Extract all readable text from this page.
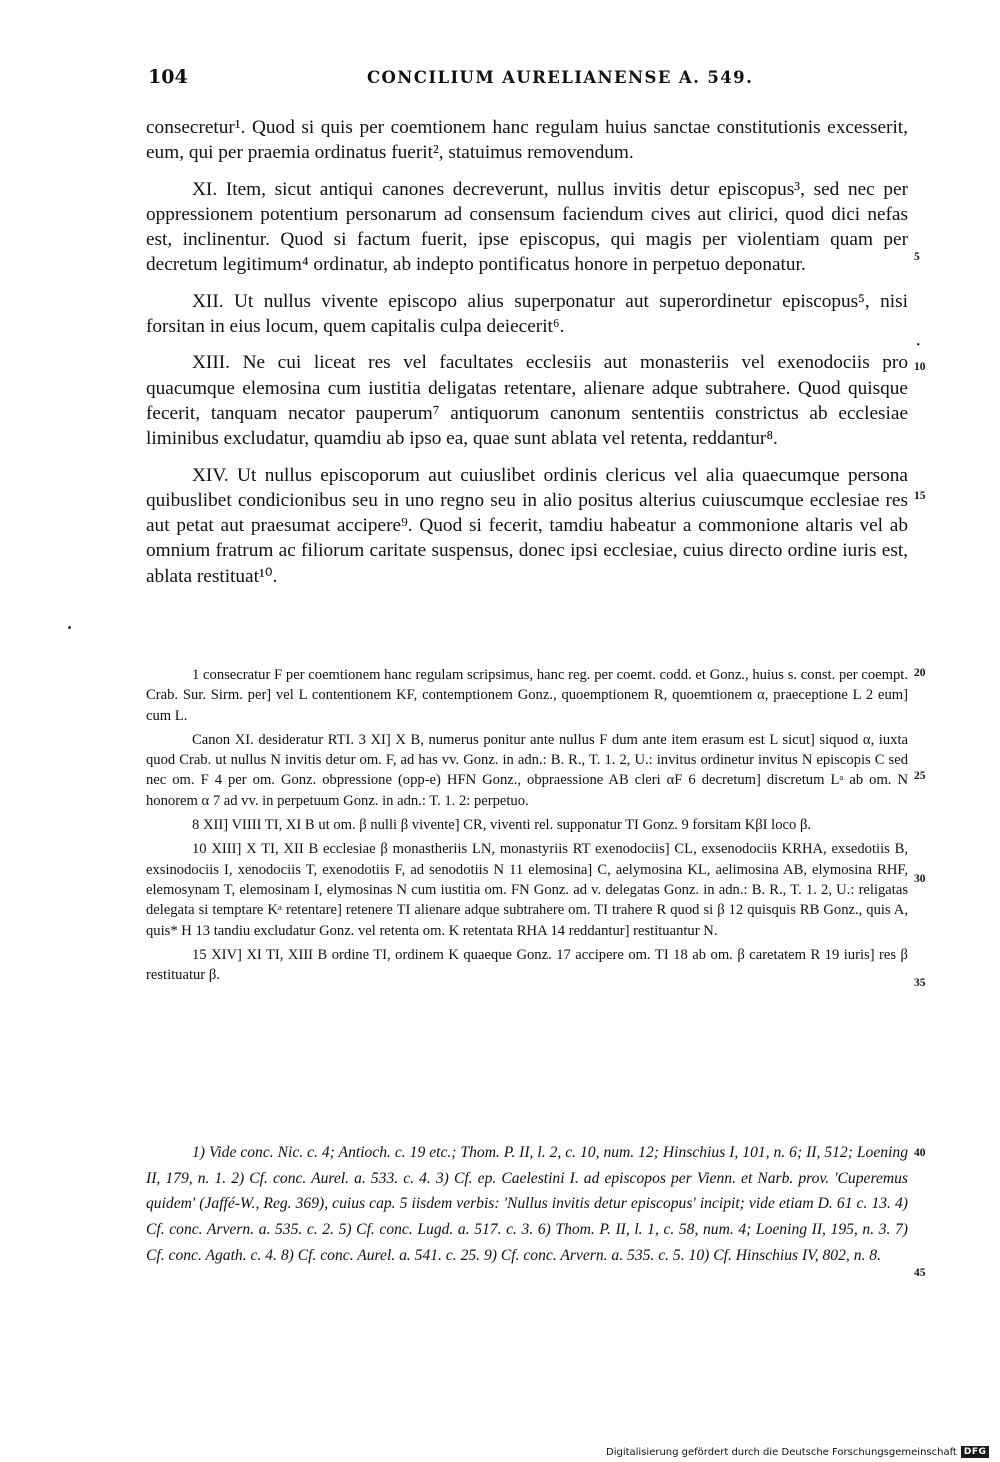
104	CONCILIUM AURELIANENSE A. 549.

consecretur¹. Quod si quis per coemtionem hanc regulam huius sanctae constitutionis excesserit, eum, qui per praemia ordinatus fuerit², statuimus removendum.

XI. Item, sicut antiqui canones decreverunt, nullus invitis detur episcopus³, sed nec per oppressionem potentium personarum ad consensum faciendum cives aut clirici, quod dici nefas est, inclinentur. Quod si factum fuerit, ipse episcopus, qui magis per violentiam quam per decretum legitimum⁴ ordinatur, ab indepto pontificatus honore in perpetuo deponatur.

XII. Ut nullus vivente episcopo alius superponatur aut superordinetur episcopus⁵, nisi forsitan in eius locum, quem capitalis culpa deiecerit⁶.

XIII. Ne cui liceat res vel facultates ecclesiis aut monasteriis vel exenodociis pro quacumque elemosina cum iustitia deligatas retentare, alienare adque subtrahere. Quod quisque fecerit, tanquam necator pauperum⁷ antiquorum canonum sententiis constrictus ab ecclesiae liminibus excludatur, quamdiu ab ipso ea, quae sunt ablata vel retenta, reddantur⁸.

XIV. Ut nullus episcoporum aut cuiuslibet ordinis clericus vel alia quaecumque persona quibuslibet condicionibus seu in uno regno seu in alio positus alterius cuiuscumque ecclesiae res aut petat aut praesumat accipere⁹. Quod si fecerit, tamdiu habeatur a commonione altaris vel ab omnium fratrum ac filiorum caritate suspensus, donec ipsi ecclesiae, cuius directo ordine iuris est, ablata restituat¹⁰.

5
·
10
15

1 consecratur F per coemtionem hanc regulam scripsimus, hanc reg. per coemt. codd. et Gonz., huius s. const. per coempt. Crab. Sur. Sirm. per] vel L contentionem KF, contemptionem Gonz., quoemptionem R, quoemtionem α, praeceptione L 2 eum] cum L.

Canon XI. desideratur RTI. 3 XI] X B, numerus ponitur ante nullus F dum ante item erasum est L sicut] siquod α, iuxta quod Crab. ut nullus N invitis detur om. F, ad has vv. Gonz. in adn.: B. R., T. 1. 2, U.: invitus ordinetur invitus N episcopis C sed nec om. F 4 per om. Gonz. obpressione (opp-e) HFN Gonz., obpraessione AB cleri αF 6 decretum] discretum Lᵃ ab om. N honorem α 7 ad vv. in perpetuum Gonz. in adn.: T. 1. 2: perpetuo.

8 XII] VIIII TI, XI B ut om. β nulli β vivente] CR, viventi rel. supponatur TI Gonz. 9 forsitam KβI loco β.

10 XIII] X TI, XII B ecclesiae β monastheriis LN, monastyriis RT exenodociis] CL, exsenodociis KRHA, exsedotiis B, exsinodociis I, xenodociis T, exenodotiis F, ad senodotiis N 11 elemosina] C, aelymosina KL, aelimosina AB, elymosina RHF, elemosynam T, elemosinam I, elymosinas N cum iustitia om. FN Gonz. ad v. delegatas Gonz. in adn.: B. R., T. 1. 2, U.: religatas delegata si temptare Kᵃ retentare] retenere TI alienare adque subtrahere om. TI trahere R quod si β 12 quisquis RB Gonz., quis A, quis* H 13 tandiu excludatur Gonz. vel retenta om. K retentata RHA 14 reddantur] restituantur N.

15 XIV] XI TI, XIII B ordine TI, ordinem K quaeque Gonz. 17 accipere om. TI 18 ab om. β caretatem R 19 iuris] res β restituatur β.

20
25
30
35

1) Vide conc. Nic. c. 4; Antioch. c. 19 etc.; Thom. P. II, l. 2, c. 10, num. 12; Hinschius I, 101, n. 6; II, 512; Loening II, 179, n. 1. 2) Cf. conc. Aurel. a. 533. c. 4. 3) Cf. ep. Caelestini I. ad episcopos per Vienn. et Narb. prov. 'Cuperemus quidem' (Jaffé-W., Reg. 369), cuius cap. 5 iisdem verbis: 'Nullus invitis detur episcopus' incipit; vide etiam D. 61 c. 13. 4) Cf. conc. Arvern. a. 535. c. 2. 5) Cf. conc. Lugd. a. 517. c. 3. 6) Thom. P. II, l. 1, c. 58, num. 4; Loening II, 195, n. 3. 7) Cf. conc. Agath. c. 4. 8) Cf. conc. Aurel. a. 541. c. 25. 9) Cf. conc. Arvern. a. 535. c. 5. 10) Cf. Hinschius IV, 802, n. 8.

40
45
Digitalisierung gefördert durch die Deutsche Forschungsgemeinschaft DFG
